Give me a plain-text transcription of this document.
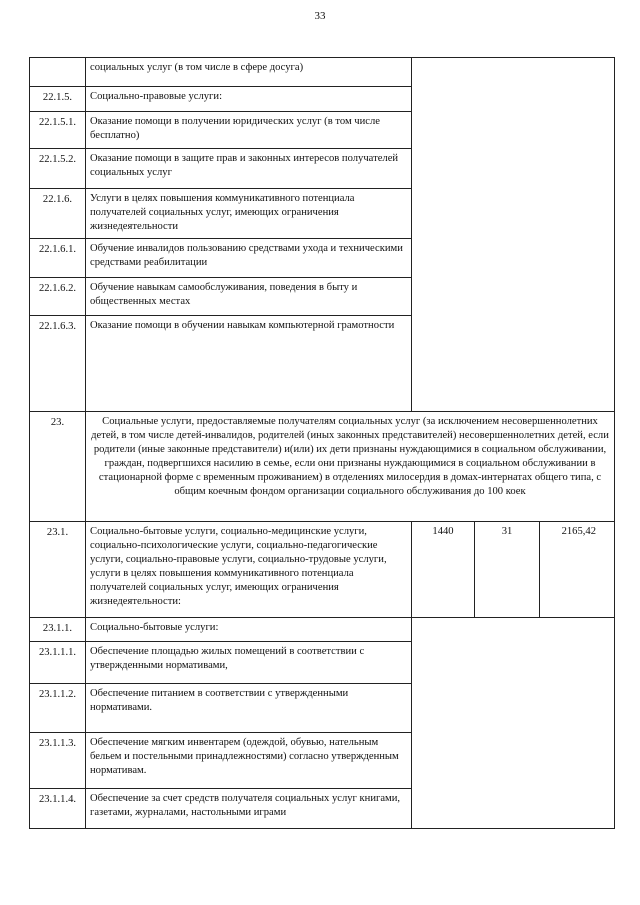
33
	социальных услуг (в том числе в сфере досуга)			
22.1.5.	Социально-правовые услуги:			
22.1.5.1.	Оказание помощи в получении юридических услуг (в том числе бесплатно)			
22.1.5.2.	Оказание помощи в защите прав и законных интересов получателей социальных услуг			
22.1.6.	Услуги в целях повышения коммуникативного потенциала получателей социальных услуг, имеющих ограничения жизнедеятельности			
22.1.6.1.	Обучение инвалидов пользованию средствами ухода и техническими средствами реабилитации			
22.1.6.2.	Обучение навыкам самообслуживания, поведения в быту и общественных местах			
22.1.6.3.	Оказание помощи в обучении навыкам компьютерной грамотности			
23.	Социальные услуги, предоставляемые получателям социальных услуг (за исключением несовершеннолетних детей, в том числе детей-инвалидов, родителей (иных законных представителей) несовершеннолетних детей, если родители (иные законные представители) и(или) их дети признаны нуждающимися в социальном обслуживании, граждан, подвергшихся насилию в семье, если они признаны нуждающимися в социальном обслуживании в стационарной форме с временным проживанием) в отделениях милосердия в домах-интернатах общего типа, с общим коечным фондом организации социального обслуживания до 100 коек			
23.1.	Социально-бытовые услуги, социально-медицинские услуги, социально-психологические услуги, социально-педагогические услуги, социально-правовые услуги, социально-трудовые услуги, услуги в целях повышения коммуникативного потенциала получателей социальных услуг, имеющих ограничения жизнедеятельности:	1440	31	2165,42
23.1.1.	Социально-бытовые услуги:			
23.1.1.1.	Обеспечение площадью жилых помещений в соответствии с утвержденными нормативами,			
23.1.1.2.	Обеспечение питанием в соответствии с утвержденными нормативами.			
23.1.1.3.	Обеспечение мягким инвентарем (одеждой, обувью, нательным бельем и постельными принадлежностями) согласно утвержденным нормативам.			
23.1.1.4.	Обеспечение за счет средств получателя социальных услуг книгами, газетами, журналами, настольными играми			
